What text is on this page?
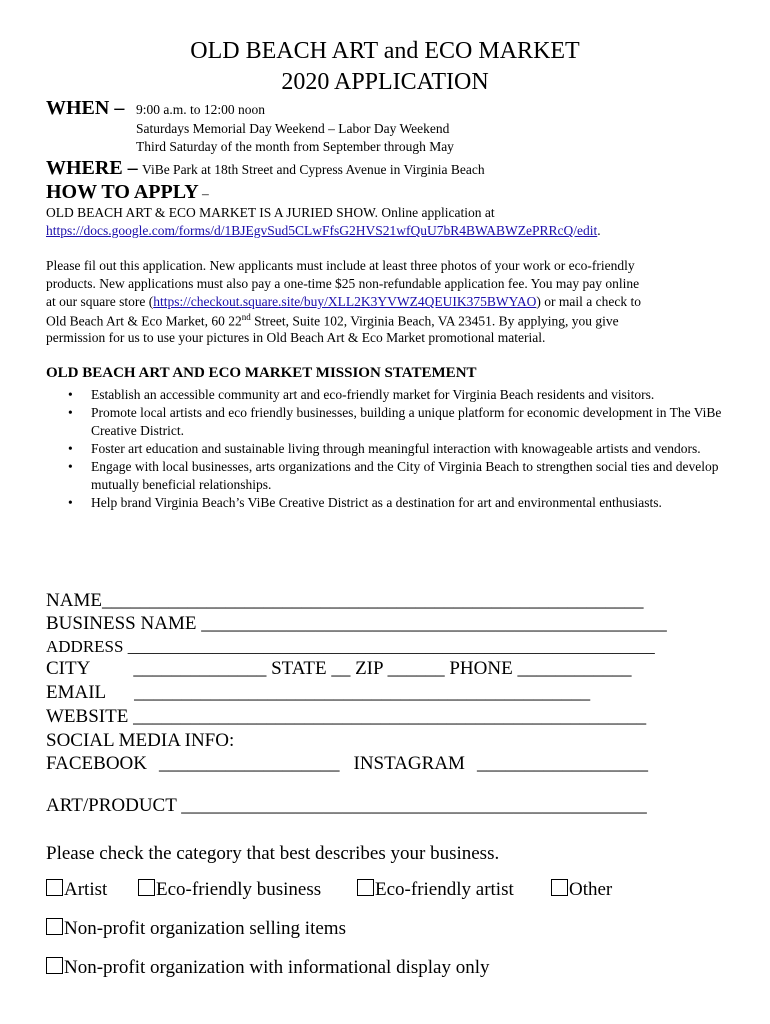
OLD BEACH ART and ECO MARKET
2020 APPLICATION
WHEN – 9:00 a.m. to 12:00 noon
Saturdays Memorial Day Weekend – Labor Day Weekend
Third Saturday of the month from September through May
WHERE – ViBe Park at 18th Street and Cypress Avenue in Virginia Beach
HOW TO APPLY –
OLD BEACH ART & ECO MARKET IS A JURIED SHOW. Online application at
https://docs.google.com/forms/d/1BJEgvSud5CLwFfsG2HVS21wfQuU7bR4BWABWZePRRcQ/edit.
Please fil out this application. New applicants must include at least three photos of your work or eco-friendly
products. New applications must also pay a one-time $25 non-refundable application fee. You may pay online
at our square store (https://checkout.square.site/buy/XLL2K3YVWZ4QEUIK375BWYAO) or mail a check to
Old Beach Art & Eco Market, 60 22nd Street, Suite 102, Virginia Beach, VA 23451. By applying, you give
permission for us to use your pictures in Old Beach Art & Eco Market promotional material.
OLD BEACH ART AND ECO MARKET MISSION STATEMENT
• Establish an accessible community art and eco-friendly market for Virginia Beach residents and visitors.
• Promote local artists and eco friendly businesses, building a unique platform for economic development in The ViBe Creative District.
• Foster art education and sustainable living through meaningful interaction with knowageable artists and vendors.
• Engage with local businesses, arts organizations and the City of Virginia Beach to strengthen social ties and develop mutually beneficial relationships.
• Help brand Virginia Beach’s ViBe Creative District as a destination for art and environmental enthusiasts.
NAME_________________________________________________________
BUSINESS NAME _________________________________________________
ADDRESS ______________________________________________________________
CITY ______________ STATE __ ZIP ______ PHONE ____________
EMAIL ________________________________________________
WEBSITE ______________________________________________________
SOCIAL MEDIA INFO:
FACEBOOK ___________________ INSTAGRAM __________________
ART/PRODUCT _________________________________________________
Please check the category that best describes your business.
Artist	Eco-friendly business	Eco-friendly artist	Other
Non-profit organization selling items
Non-profit organization with informational display only
